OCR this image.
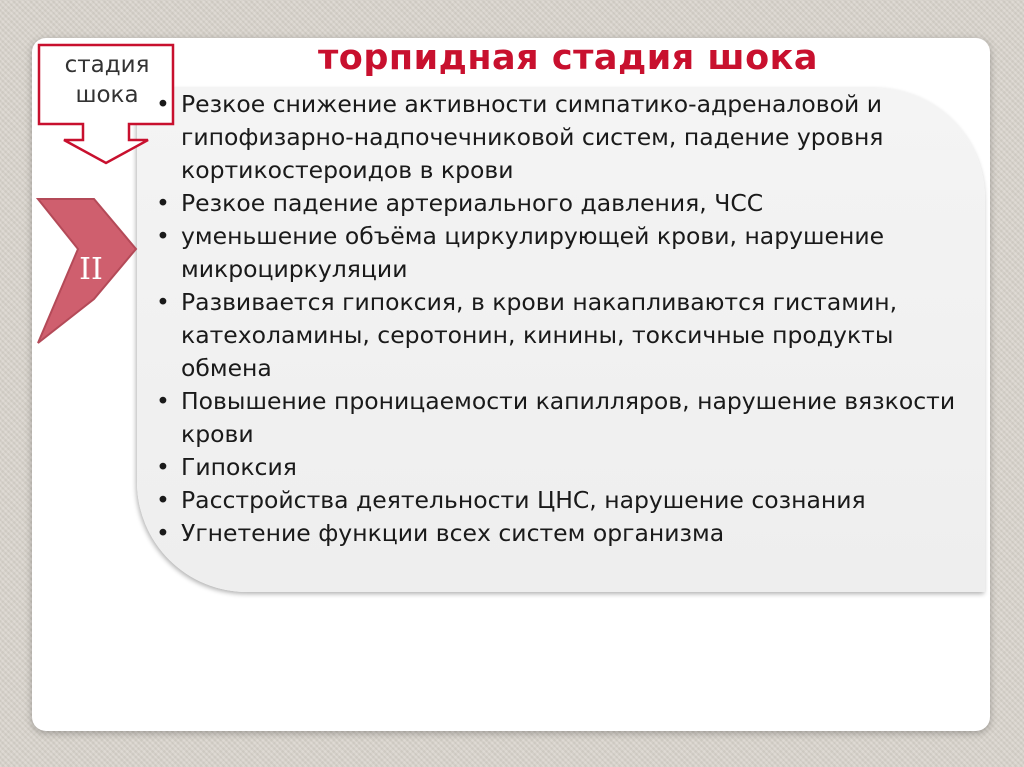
торпидная стадия шока
II
стадия шока
•	Резкое снижение активности симпатико-адреналовой и гипофизарно-надпочечниковой систем, падение уровня кортикостероидов в крови
• Резкое падение артериального давления, ЧСС
• уменьшение объёма циркулирующей крови, нарушение микроциркуляции
• Развивается гипоксия, в крови накапливаются гистамин, катехоламины, серотонин, кинины, токсичные продукты обмена
• Повышение проницаемости капилляров, нарушение вязкости крови
• Гипоксия
• Расстройства деятельности ЦНС, нарушение сознания
• Угнетение функции всех систем организма
